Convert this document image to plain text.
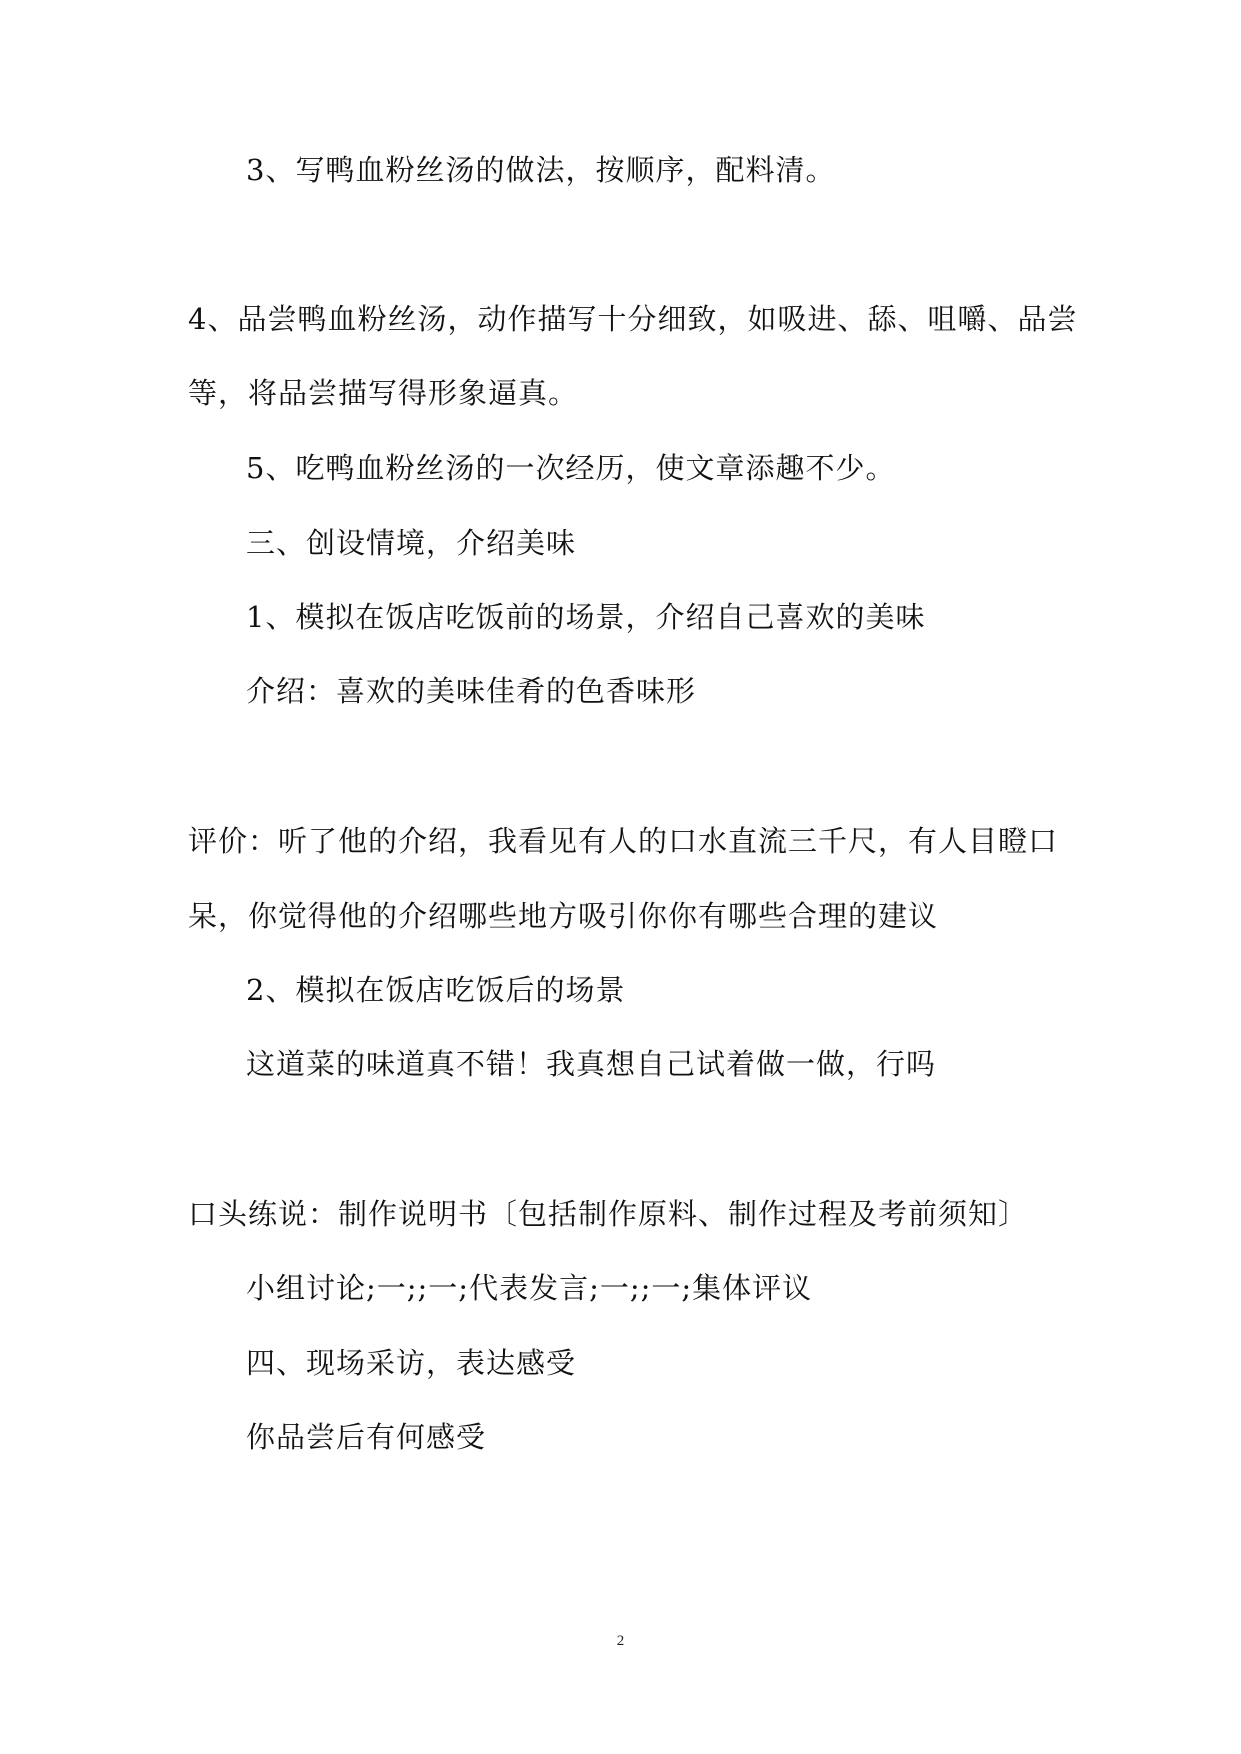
3、写鸭血粉丝汤的做法，按顺序，配料清。
4、品尝鸭血粉丝汤，动作描写十分细致，如吸进、舔、咀嚼、品尝
等，将品尝描写得形象逼真。
5、吃鸭血粉丝汤的一次经历，使文章添趣不少。
三、创设情境，介绍美味
1、模拟在饭店吃饭前的场景，介绍自己喜欢的美味
介绍：喜欢的美味佳肴的色香味形
评价：听了他的介绍，我看见有人的口水直流三千尺，有人目瞪口
呆，你觉得他的介绍哪些地方吸引你你有哪些合理的建议
2、模拟在饭店吃饭后的场景
这道菜的味道真不错！我真想自己试着做一做，行吗
口头练说：制作说明书〔包括制作原料、制作过程及考前须知〕
小组讨论;一;;一;代表发言;一;;一;集体评议
四、现场采访，表达感受
你品尝后有何感受
2
